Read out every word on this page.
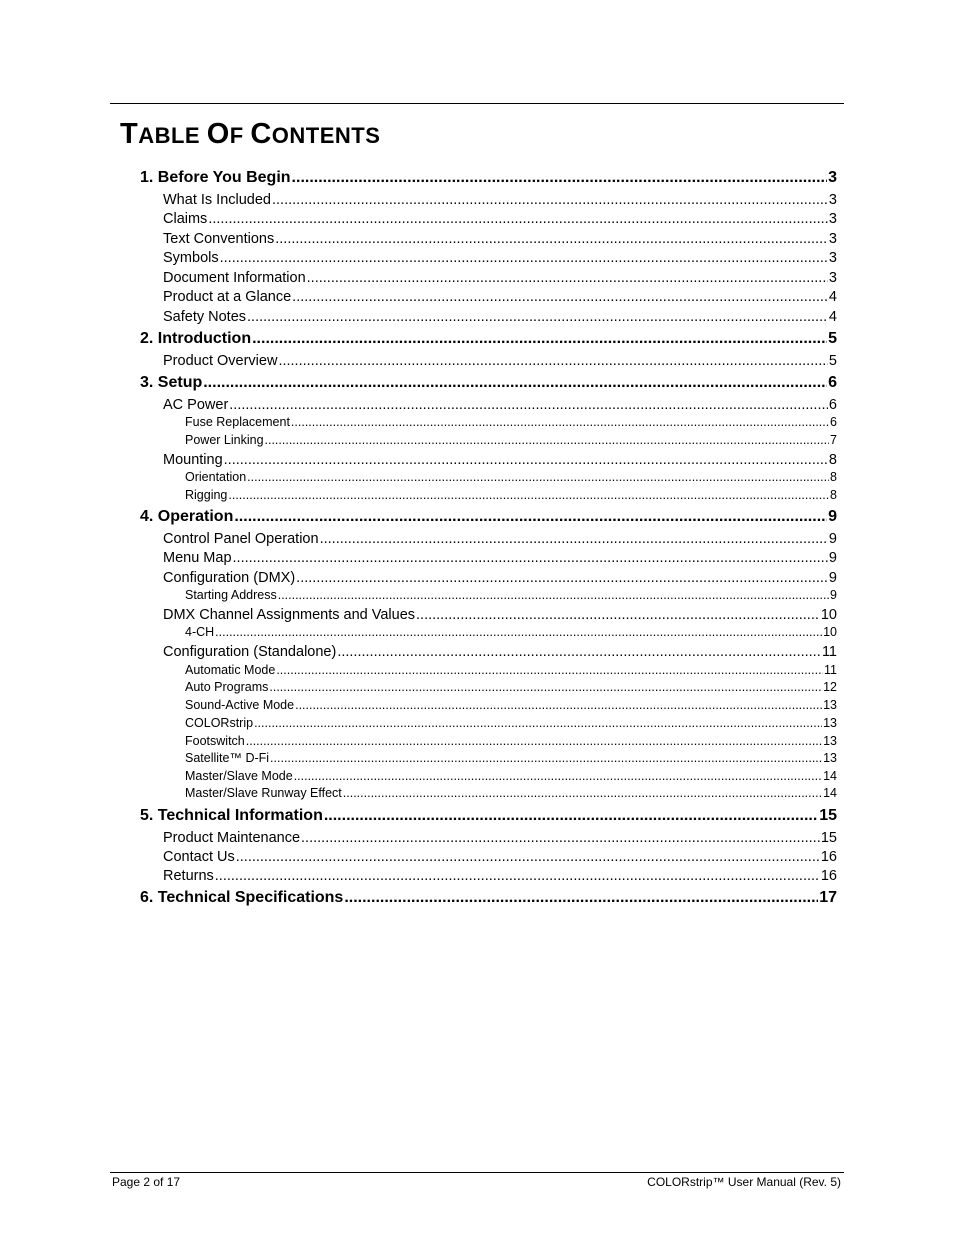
TABLE OF CONTENTS
1. Before You Begin .....	3
What Is Included .....	3
Claims .....	3
Text Conventions .....	3
Symbols .....	3
Document Information .....	3
Product at a Glance .....	4
Safety Notes .....	4
2. Introduction .....	5
Product Overview .....	5
3. Setup .....	6
AC Power .....	6
Fuse Replacement .....	6
Power Linking .....	7
Mounting .....	8
Orientation .....	8
Rigging .....	8
4. Operation .....	9
Control Panel Operation .....	9
Menu Map .....	9
Configuration (DMX) .....	9
Starting Address .....	9
DMX Channel Assignments and Values .....	10
4-CH .....	10
Configuration (Standalone) .....	11
Automatic Mode .....	11
Auto Programs .....	12
Sound-Active Mode .....	13
COLORstrip .....	13
Footswitch .....	13
Satellite™ D-Fi .....	13
Master/Slave Mode .....	14
Master/Slave Runway Effect .....	14
5. Technical Information .....	15
Product Maintenance .....	15
Contact Us .....	16
Returns .....	16
6. Technical Specifications .....	17
Page 2 of 17	COLORstrip™ User Manual (Rev. 5)
